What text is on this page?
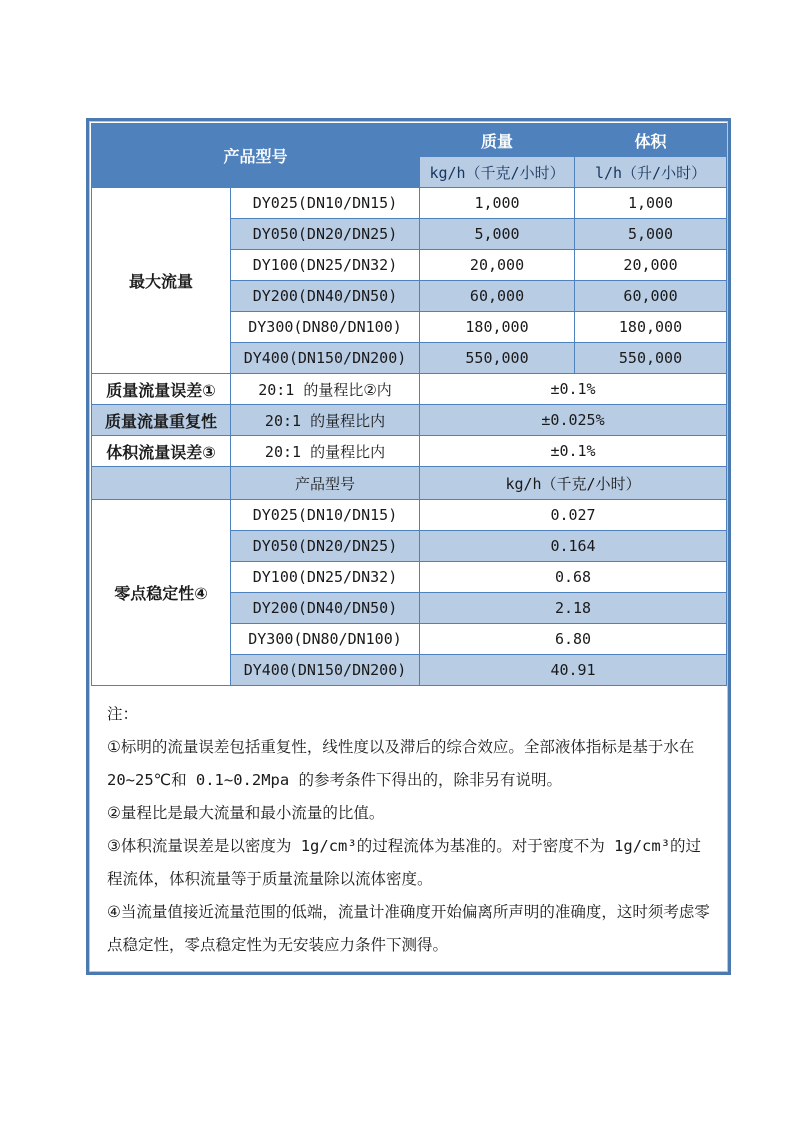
产品型号		质量	体积
		kg/h（千克/小时）	l/h（升/小时）
最大流量	DY025(DN10/DN15)	1,000	1,000
	DY050(DN20/DN25)	5,000	5,000
	DY100(DN25/DN32)	20,000	20,000
	DY200(DN40/DN50)	60,000	60,000
	DY300(DN80/DN100)	180,000	180,000
	DY400(DN150/DN200)	550,000	550,000
质量流量误差①	20:1 的量程比②内	±0.1%	
质量流量重复性	20:1 的量程比内	±0.025%	
体积流量误差③	20:1 的量程比内	±0.1%	
	产品型号	kg/h（千克/小时）	
零点稳定性④	DY025(DN10/DN15)	0.027	
	DY050(DN20/DN25)	0.164	
	DY100(DN25/DN32)	0.68	
	DY200(DN40/DN50)	2.18	
	DY300(DN80/DN100)	6.80	
	DY400(DN150/DN200)	40.91	

注：

①标明的流量误差包括重复性，线性度以及滞后的综合效应。全部液体指标是基于水在 20~25℃和 0.1~0.2Mpa 的参考条件下得出的，除非另有说明。

②量程比是最大流量和最小流量的比值。

③体积流量误差是以密度为 1g/cm³的过程流体为基准的。对于密度不为 1g/cm³的过程流体，体积流量等于质量流量除以流体密度。

④当流量值接近流量范围的低端，流量计准确度开始偏离所声明的准确度，这时须考虑零点稳定性，零点稳定性为无安装应力条件下测得。
